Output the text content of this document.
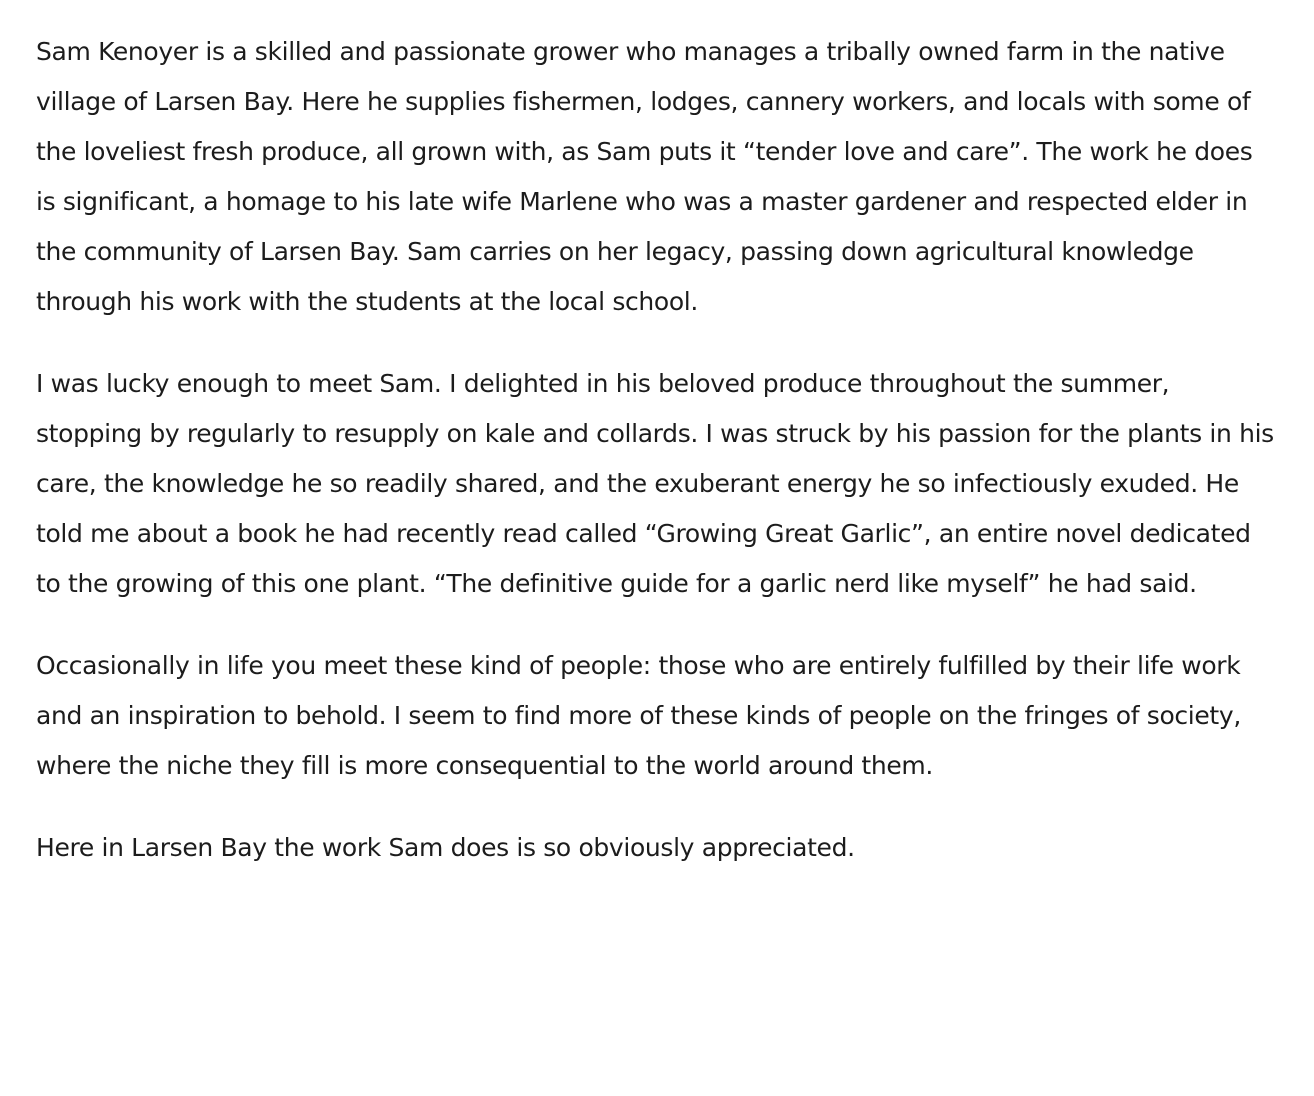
Sam Kenoyer is a skilled and passionate grower who manages a tribally owned farm in the native village of Larsen Bay. Here he supplies fishermen, lodges, cannery workers, and locals with some of the loveliest fresh produce, all grown with, as Sam puts it “tender love and care”. The work he does is significant, a homage to his late wife Marlene who was a master gardener and respected elder in the community of Larsen Bay. Sam carries on her legacy, passing down agricultural knowledge through his work with the students at the local school.

I was lucky enough to meet Sam. I delighted in his beloved produce throughout the summer, stopping by regularly to resupply on kale and collards. I was struck by his passion for the plants in his care, the knowledge he so readily shared, and the exuberant energy he so infectiously exuded. He told me about a book he had recently read called “Growing Great Garlic”, an entire novel dedicated to the growing of this one plant. “The definitive guide for a garlic nerd like myself” he had said.

Occasionally in life you meet these kind of people: those who are entirely fulfilled by their life work and an inspiration to behold. I seem to find more of these kinds of people on the fringes of society, where the niche they fill is more consequential to the world around them.

Here in Larsen Bay the work Sam does is so obviously appreciated.
